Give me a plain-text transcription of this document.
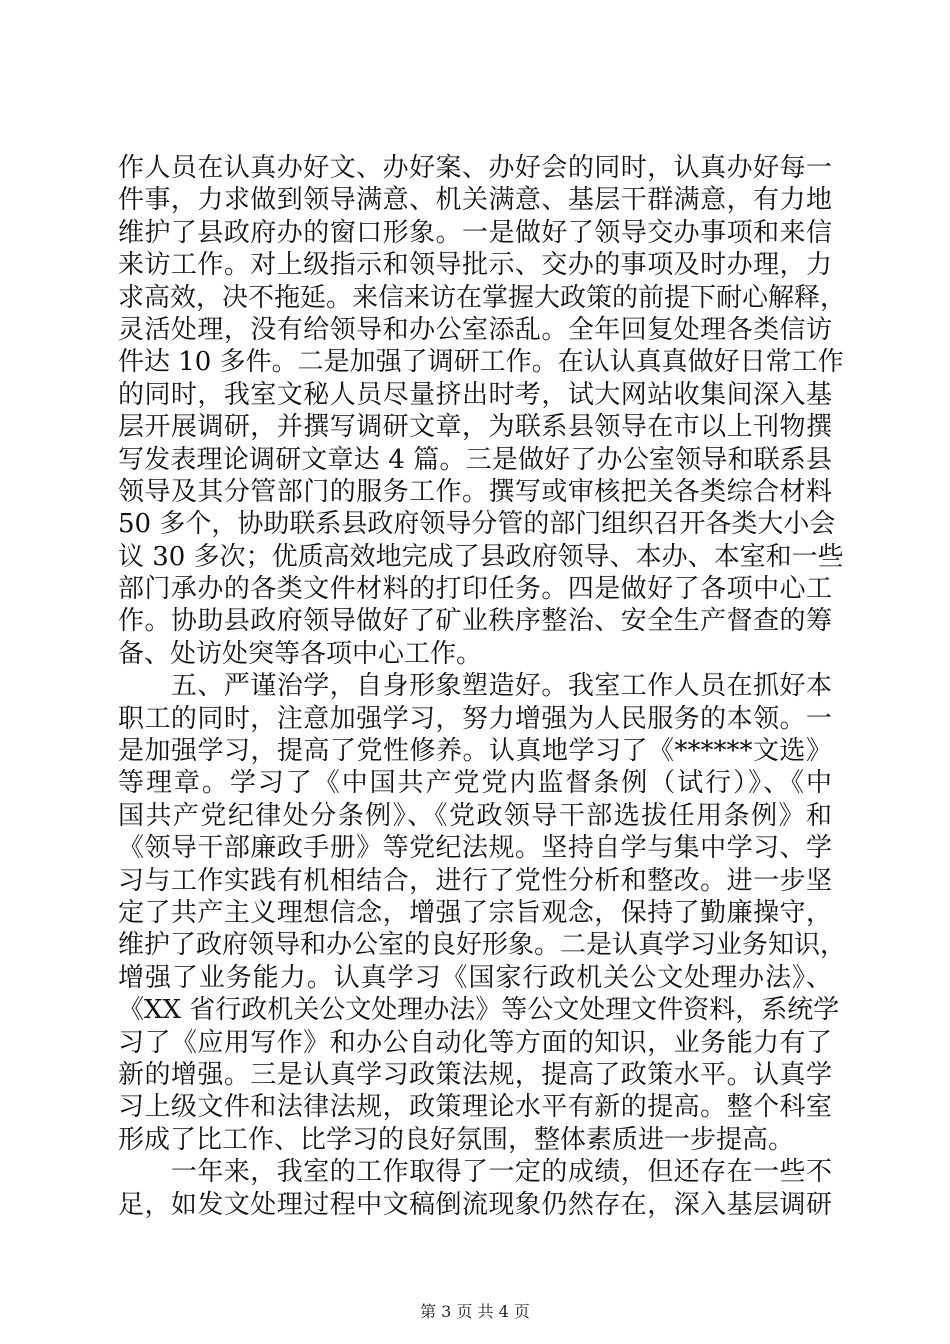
作人员在认真办好文、办好案、办好会的同时，认真办好每一
件事，力求做到领导满意、机关满意、基层干群满意，有力地
维护了县政府办的窗口形象。一是做好了领导交办事项和来信
来访工作。对上级指示和领导批示、交办的事项及时办理，力
求高效，决不拖延。来信来访在掌握大政策的前提下耐心解释，
灵活处理，没有给领导和办公室添乱。全年回复处理各类信访
件达 10 多件。二是加强了调研工作。在认认真真做好日常工作
的同时，我室文秘人员尽量挤出时考，试大网站收集间深入基
层开展调研，并撰写调研文章，为联系县领导在市以上刊物撰
写发表理论调研文章达 4 篇。三是做好了办公室领导和联系县
领导及其分管部门的服务工作。撰写或审核把关各类综合材料
50 多个，协助联系县政府领导分管的部门组织召开各类大小会
议 30 多次；优质高效地完成了县政府领导、本办、本室和一些
部门承办的各类文件材料的打印任务。四是做好了各项中心工
作。协助县政府领导做好了矿业秩序整治、安全生产督查的筹
备、处访处突等各项中心工作。
　　五、严谨治学，自身形象塑造好。我室工作人员在抓好本
职工的同时，注意加强学习，努力增强为人民服务的本领。一
是加强学习，提高了党性修养。认真地学习了《******文选》
等理章。学习了《中国共产党党内监督条例（试行）》、《中
国共产党纪律处分条例》、《党政领导干部选拔任用条例》和
《领导干部廉政手册》等党纪法规。坚持自学与集中学习、学
习与工作实践有机相结合，进行了党性分析和整改。进一步坚
定了共产主义理想信念，增强了宗旨观念，保持了勤廉操守，
维护了政府领导和办公室的良好形象。二是认真学习业务知识，
增强了业务能力。认真学习《国家行政机关公文处理办法》、
《XX 省行政机关公文处理办法》等公文处理文件资料，系统学
习了《应用写作》和办公自动化等方面的知识，业务能力有了
新的增强。三是认真学习政策法规，提高了政策水平。认真学
习上级文件和法律法规，政策理论水平有新的提高。整个科室
形成了比工作、比学习的良好氛围，整体素质进一步提高。
　　一年来，我室的工作取得了一定的成绩，但还存在一些不
足，如发文处理过程中文稿倒流现象仍然存在，深入基层调研
第 3 页 共 4 页
